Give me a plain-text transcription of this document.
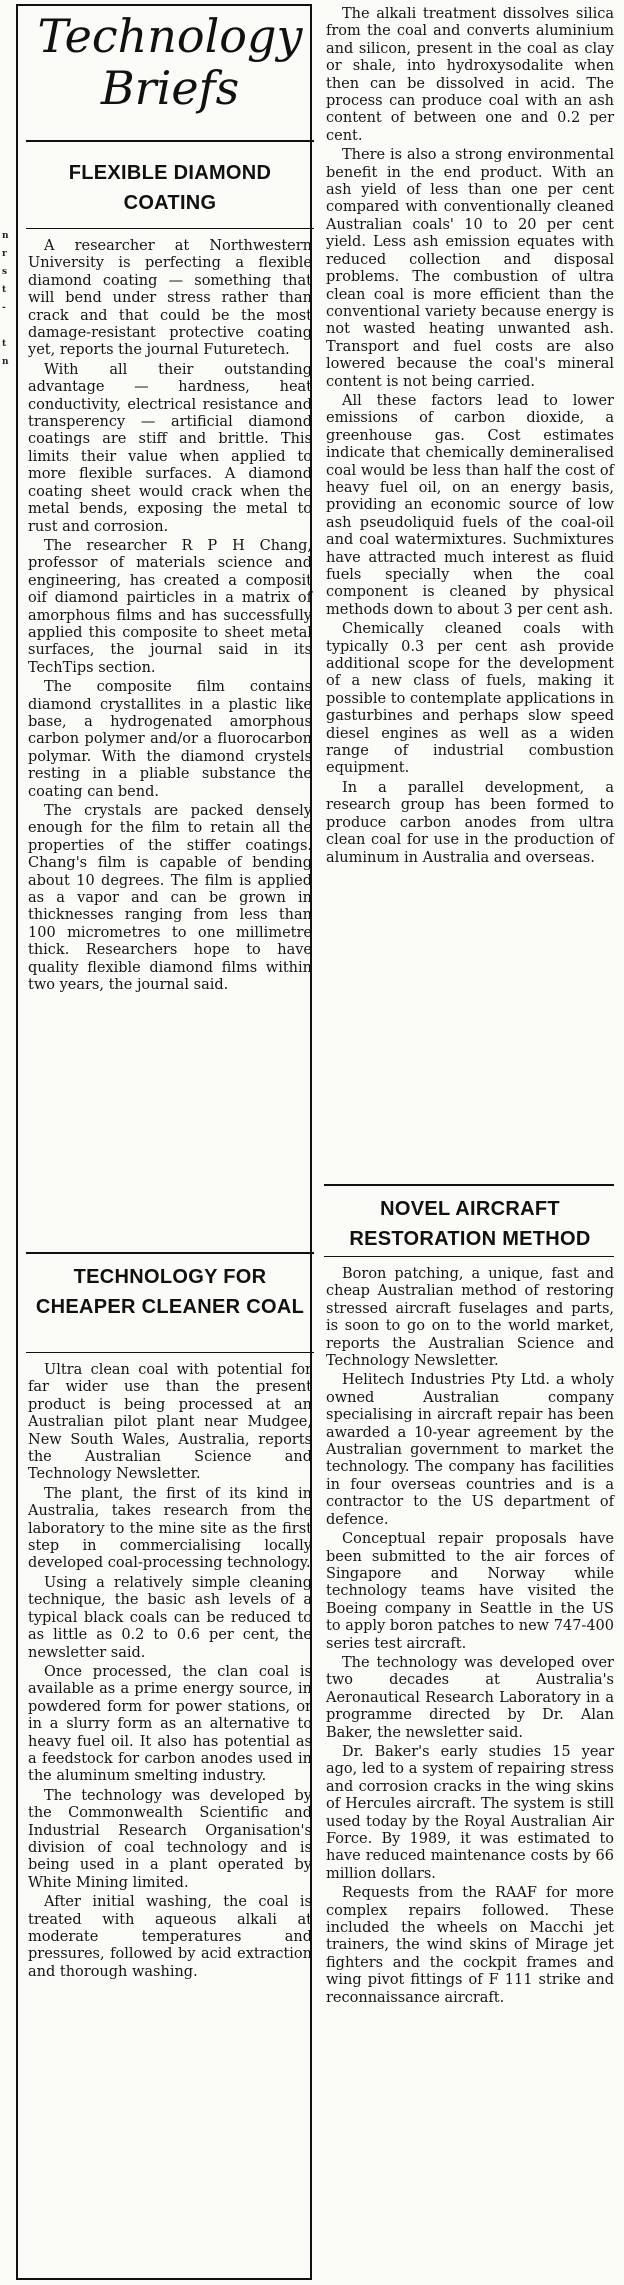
n
r
s
t
-
t
n
Technology
Briefs
FLEXIBLE DIAMOND COATING

A researcher at Northwestern University is perfecting a flexible diamond coating — something that will bend under stress rather than crack and that could be the most damage-resistant protective coating yet, reports the journal Futuretech.

With all their outstanding advantage — hardness, heat conductivity, electrical resistance and transperency — artificial diamond coatings are stiff and brittle. This limits their value when applied to more flexible surfaces. A diamond coating sheet would crack when the metal bends, exposing the metal to rust and corrosion.

The researcher R P H Chang, professor of materials science and engineering, has created a composit oif diamond pairticles in a matrix of amorphous films and has successfully applied this composite to sheet metal surfaces, the journal said in its TechTips section.

The composite film contains diamond crystallites in a plastic like base, a hydrogenated amorphous carbon polymer and/or a fluorocarbon polymar. With the diamond crystels resting in a pliable substance the coating can bend.

The crystals are packed densely enough for the film to retain all the properties of the stiffer coatings. Chang's film is capable of bending about 10 degrees. The film is applied as a vapor and can be grown in thicknesses ranging from less than 100 micrometres to one millimetre thick. Researchers hope to have quality flexible diamond films within two years, the journal said.

TECHNOLOGY FOR CHEAPER CLEANER COAL

Ultra clean coal with potential for far wider use than the present product is being processed at an Australian pilot plant near Mudgee, New South Wales, Australia, reports the Australian Science and Technology Newsletter.

The plant, the first of its kind in Australia, takes research from the laboratory to the mine site as the first step in commercialising locally developed coal-processing technology.

Using a relatively simple cleaning technique, the basic ash levels of a typical black coals can be reduced to as little as 0.2 to 0.6 per cent, the newsletter said.

Once processed, the clan coal is available as a prime energy source, in powdered form for power stations, or in a slurry form as an alternative to heavy fuel oil. It also has potential as a feedstock for carbon anodes used in the aluminum smelting industry.

The technology was developed by the Commonwealth Scientific and Industrial Research Organisation's division of coal technology and is being used in a plant operated by White Mining limited.

After initial washing, the coal is treated with aqueous alkali at moderate temperatures and pressures, followed by acid extraction and thorough washing.

The alkali treatment dissolves silica from the coal and converts aluminium and silicon, present in the coal as clay or shale, into hydroxysodalite when then can be dissolved in acid. The process can produce coal with an ash content of between one and 0.2 per cent.

There is also a strong environmental benefit in the end product. With an ash yield of less than one per cent compared with conventionally cleaned Australian coals' 10 to 20 per cent yield. Less ash emission equates with reduced collection and disposal problems. The combustion of ultra clean coal is more efficient than the conventional variety because energy is not wasted heating unwanted ash. Transport and fuel costs are also lowered because the coal's mineral content is not being carried.

All these factors lead to lower emissions of carbon dioxide, a greenhouse gas. Cost estimates indicate that chemically demineralised coal would be less than half the cost of heavy fuel oil, on an energy basis, providing an economic source of low ash pseudoliquid fuels of the coal-oil and coal watermixtures. Suchmixtures have attracted much interest as fluid fuels specially when the coal component is cleaned by physical methods down to about 3 per cent ash.

Chemically cleaned coals with typically 0.3 per cent ash provide additional scope for the development of a new class of fuels, making it possible to contemplate applications in gasturbines and perhaps slow speed diesel engines as well as a widen range of industrial combustion equipment.

In a parallel development, a research group has been formed to produce carbon anodes from ultra clean coal for use in the production of aluminum in Australia and overseas.

NOVEL AIRCRAFT RESTORATION METHOD

Boron patching, a unique, fast and cheap Australian method of restoring stressed aircraft fuselages and parts, is soon to go on to the world market, reports the Australian Science and Technology Newsletter.

Helitech Industries Pty Ltd. a wholy owned Australian company specialising in aircraft repair has been awarded a 10-year agreement by the Australian government to market the technology. The company has facilities in four overseas countries and is a contractor to the US department of defence.

Conceptual repair proposals have been submitted to the air forces of Singapore and Norway while technology teams have visited the Boeing company in Seattle in the US to apply boron patches to new 747-400 series test aircraft.

The technology was developed over two decades at Australia's Aeronautical Research Laboratory in a programme directed by Dr. Alan Baker, the newsletter said.

Dr. Baker's early studies 15 year ago, led to a system of repairing stress and corrosion cracks in the wing skins of Hercules aircraft. The system is still used today by the Royal Australian Air Force. By 1989, it was estimated to have reduced maintenance costs by 66 million dollars.

Requests from the RAAF for more complex repairs followed. These included the wheels on Macchi jet trainers, the wind skins of Mirage jet fighters and the cockpit frames and wing pivot fittings of F 111 strike and reconnaissance aircraft.
